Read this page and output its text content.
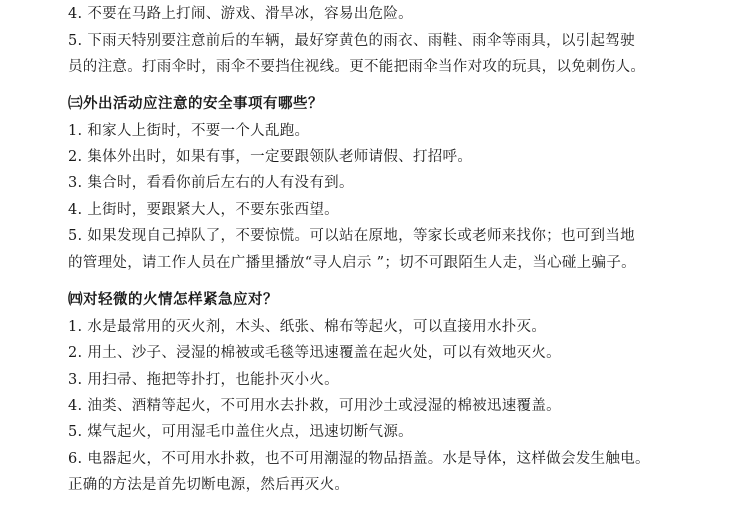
4. 不要在马路上打闹、游戏、滑旱冰，容易出危险。
5. 下雨天特别要注意前后的车辆，最好穿黄色的雨衣、雨鞋、雨伞等雨具，以引起驾驶
员的注意。打雨伞时，雨伞不要挡住视线。更不能把雨伞当作对攻的玩具，以免刺伤人。
㈢外出活动应注意的安全事项有哪些？
1. 和家人上街时，不要一个人乱跑。
2. 集体外出时，如果有事，一定要跟领队老师请假、打招呼。
3. 集合时，看看你前后左右的人有没有到。
4. 上街时，要跟紧大人，不要东张西望。
5. 如果发现自己掉队了，不要惊慌。可以站在原地，等家长或老师来找你；也可到当地
的管理处，请工作人员在广播里播放“寻人启示 ”；切不可跟陌生人走，当心碰上骗子。
㈣对轻微的火情怎样紧急应对？
1. 水是最常用的灭火剂，木头、纸张、棉布等起火，可以直接用水扑灭。
2. 用土、沙子、浸湿的棉被或毛毯等迅速覆盖在起火处，可以有效地灭火。
3. 用扫帚、拖把等扑打，也能扑灭小火。
4. 油类、酒精等起火，不可用水去扑救，可用沙土或浸湿的棉被迅速覆盖。
5. 煤气起火，可用湿毛巾盖住火点，迅速切断气源。
6. 电器起火，不可用水扑救，也不可用潮湿的物品捂盖。水是导体，这样做会发生触电。
正确的方法是首先切断电源，然后再灭火。
